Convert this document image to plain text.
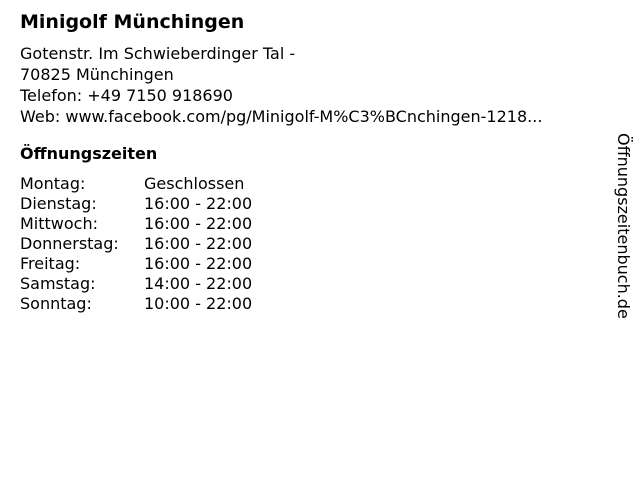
Minigolf Münchingen
Gotenstr. Im Schwieberdinger Tal -
70825 Münchingen
Telefon: +49 7150 918690
Web: www.facebook.com/pg/Minigolf-M%C3%BCnchingen-1218...
Öffnungszeiten
Montag:	Geschlossen
Dienstag:	16:00 - 22:00
Mittwoch:	16:00 - 22:00
Donnerstag: 16:00 - 22:00
Freitag:	16:00 - 22:00
Samstag:	14:00 - 22:00
Sonntag:	10:00 - 22:00	Öffnungszeitenbuch.de
